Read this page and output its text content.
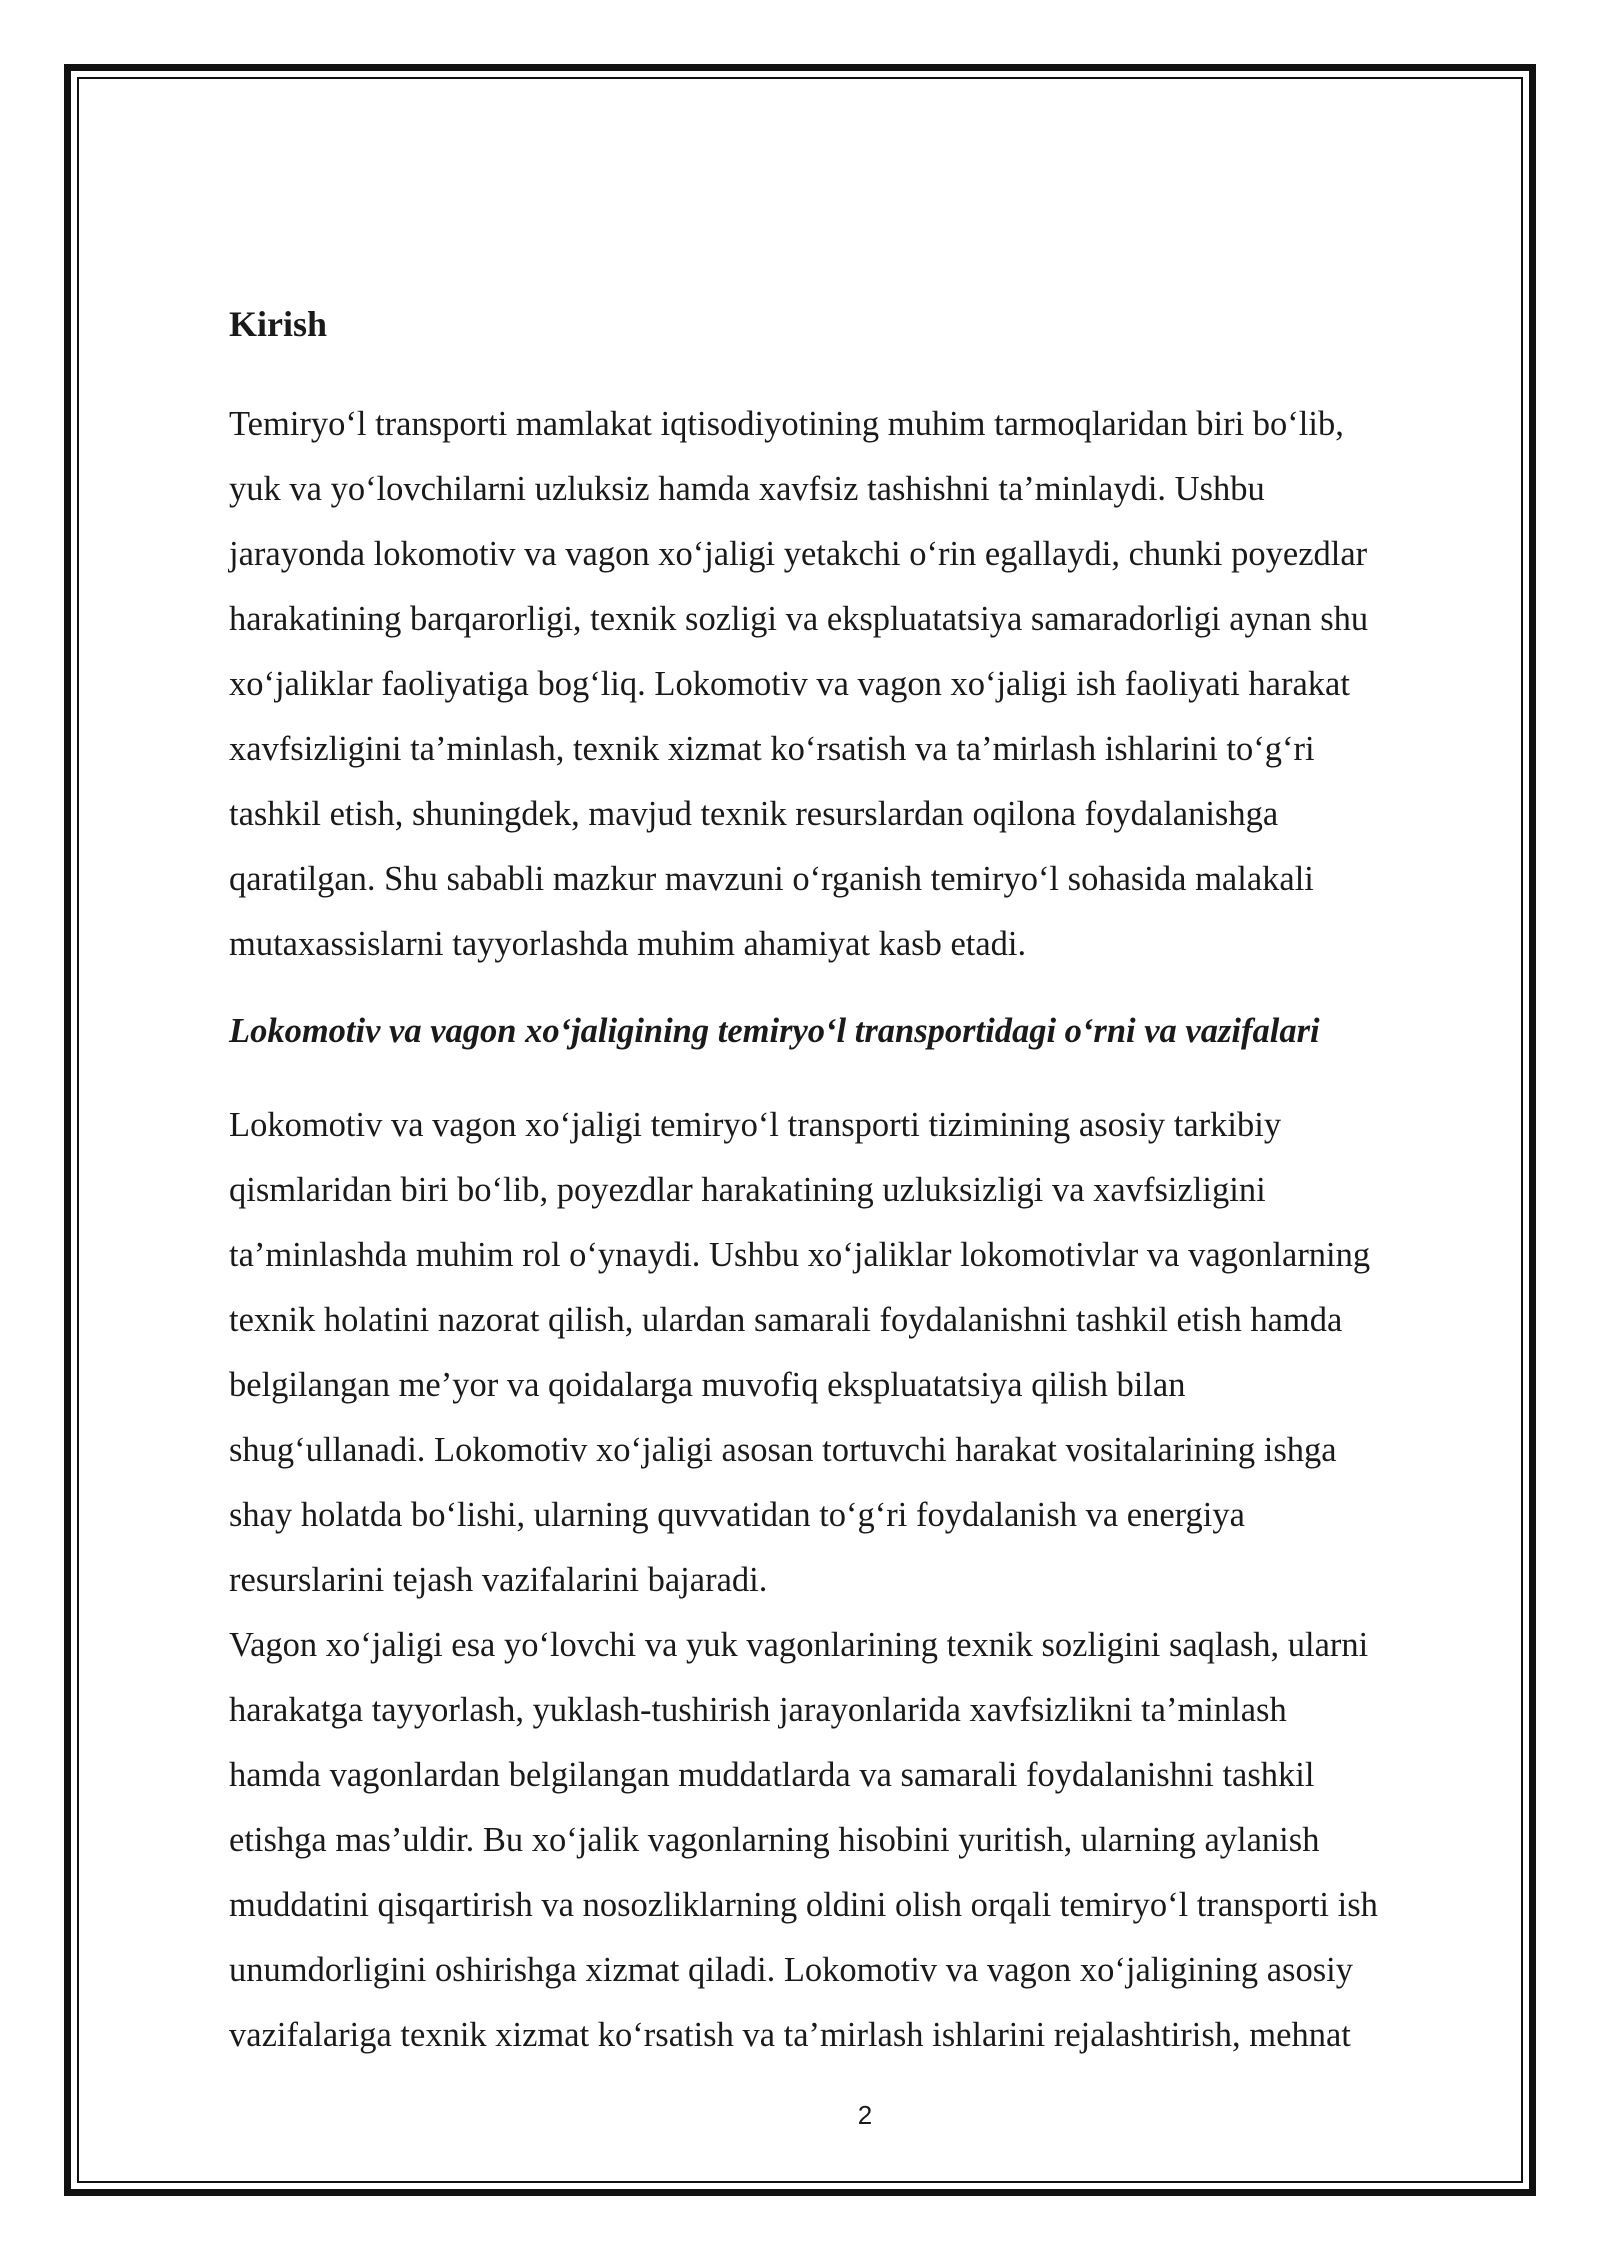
Kirish

Temiryo‘l transporti mamlakat iqtisodiyotining muhim tarmoqlaridan biri bo‘lib,
yuk va yo‘lovchilarni uzluksiz hamda xavfsiz tashishni ta’minlaydi. Ushbu
jarayonda lokomotiv va vagon xo‘jaligi yetakchi o‘rin egallaydi, chunki poyezdlar
harakatining barqarorligi, texnik sozligi va ekspluatatsiya samaradorligi aynan shu
xo‘jaliklar faoliyatiga bog‘liq. Lokomotiv va vagon xo‘jaligi ish faoliyati harakat
xavfsizligini ta’minlash, texnik xizmat ko‘rsatish va ta’mirlash ishlarini to‘g‘ri
tashkil etish, shuningdek, mavjud texnik resurslardan oqilona foydalanishga
qaratilgan. Shu sababli mazkur mavzuni o‘rganish temiryo‘l sohasida malakali
mutaxassislarni tayyorlashda muhim ahamiyat kasb etadi.

Lokomotiv va vagon xo‘jaligining temiryo‘l transportidagi o‘rni va vazifalari

Lokomotiv va vagon xo‘jaligi temiryo‘l transporti tizimining asosiy tarkibiy
qismlaridan biri bo‘lib, poyezdlar harakatining uzluksizligi va xavfsizligini
ta’minlashda muhim rol o‘ynaydi. Ushbu xo‘jaliklar lokomotivlar va vagonlarning
texnik holatini nazorat qilish, ulardan samarali foydalanishni tashkil etish hamda
belgilangan me’yor va qoidalarga muvofiq ekspluatatsiya qilish bilan
shug‘ullanadi. Lokomotiv xo‘jaligi asosan tortuvchi harakat vositalarining ishga
shay holatda bo‘lishi, ularning quvvatidan to‘g‘ri foydalanish va energiya
resurslarini tejash vazifalarini bajaradi.

Vagon xo‘jaligi esa yo‘lovchi va yuk vagonlarining texnik sozligini saqlash, ularni
harakatga tayyorlash, yuklash-tushirish jarayonlarida xavfsizlikni ta’minlash
hamda vagonlardan belgilangan muddatlarda va samarali foydalanishni tashkil
etishga mas’uldir. Bu xo‘jalik vagonlarning hisobini yuritish, ularning aylanish
muddatini qisqartirish va nosozliklarning oldini olish orqali temiryo‘l transporti ish
unumdorligini oshirishga xizmat qiladi. Lokomotiv va vagon xo‘jaligining asosiy
vazifalariga texnik xizmat ko‘rsatish va ta’mirlash ishlarini rejalashtirish, mehnat

2
